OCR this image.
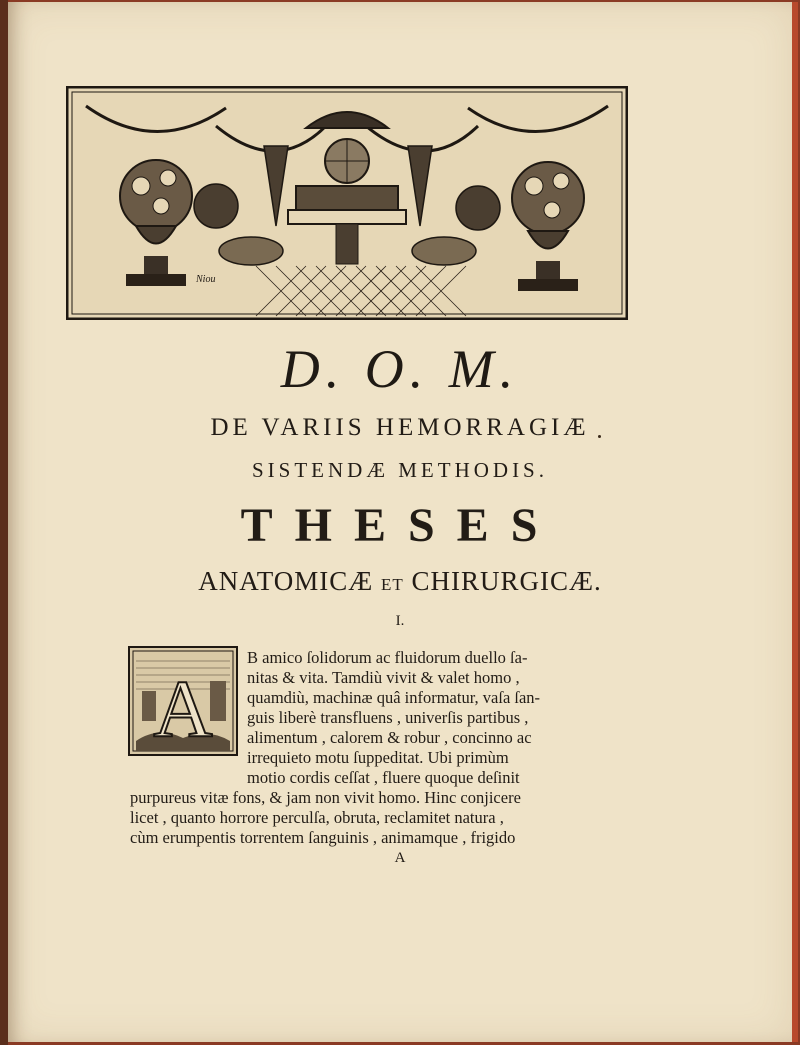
Niou
D. O. M.
DE VARIIS HEMORRAGIÆ
SISTENDÆ METHODIS.
THESES
ANATOMICÆ ET CHIRURGICÆ.
I.
A
B amico ſolidorum ac fluidorum duello ſa-
nitas & vita. Tamdiù vivit & valet homo ,
quamdiù, machinæ quâ informatur, vaſa ſan-
guis liberè transfluens , univerſis partibus ,
alimentum , calorem & robur , concinno ac
irrequieto motu ſuppeditat. Ubi primùm
motio cordis ceſſat , fluere quoque deſinit
purpureus vitæ fons, & jam non vivit homo. Hinc conjicere
licet , quanto horrore perculſa, obruta, reclamitet natura ,
cùm erumpentis torrentem ſanguinis , animamque , frigido
A
